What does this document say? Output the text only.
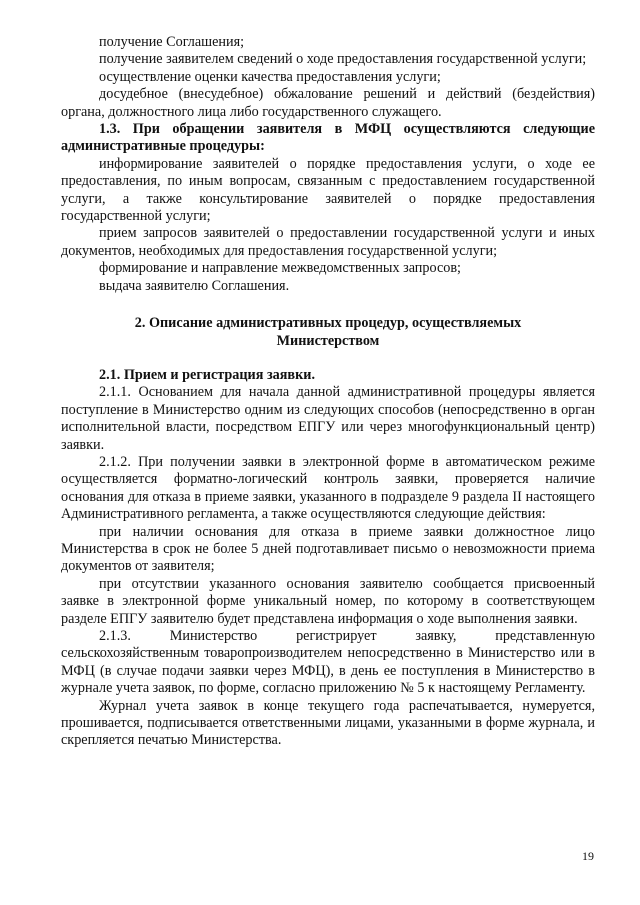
получение Соглашения;

получение заявителем сведений о ходе предоставления государственной услуги;

осуществление оценки качества предоставления услуги;

досудебное (внесудебное) обжалование решений и действий (бездействия) органа, должностного лица либо государственного служащего.

1.3. При обращении заявителя в МФЦ осуществляются следующие административные процедуры:

информирование заявителей о порядке предоставления услуги, о ходе ее предоставления, по иным вопросам, связанным с предоставлением государственной услуги, а также консультирование заявителей о порядке предоставления государственной услуги;

прием запросов заявителей о предоставлении государственной услуги и иных документов, необходимых для предоставления государственной услуги;

формирование и направление межведомственных запросов;

выдача заявителю Соглашения.

2. Описание административных процедур, осуществляемых Министерством

2.1. Прием и регистрация заявки.

2.1.1. Основанием для начала данной административной процедуры является поступление в Министерство одним из следующих способов (непосредственно в орган исполнительной власти, посредством ЕПГУ или через многофункциональный центр) заявки.

2.1.2. При получении заявки в электронной форме в автоматическом режиме осуществляется форматно-логический контроль заявки, проверяется наличие основания для отказа в приеме заявки, указанного в подразделе 9 раздела II настоящего Административного регламента, а также осуществляются следующие действия:

при наличии основания для отказа в приеме заявки должностное лицо Министерства в срок не более 5 дней подготавливает письмо о невозможности приема документов от заявителя;

при отсутствии указанного основания заявителю сообщается присвоенный заявке в электронной форме уникальный номер, по которому в соответствующем разделе ЕПГУ заявителю будет представлена информация о ходе выполнения заявки.

2.1.3. Министерство регистрирует заявку, представленную сельскохозяйственным товаропроизводителем непосредственно в Министерство или в МФЦ (в случае подачи заявки через МФЦ), в день ее поступления в Министерство в журнале учета заявок, по форме, согласно приложению № 5 к настоящему Регламенту.

Журнал учета заявок в конце текущего года распечатывается, нумеруется, прошивается, подписывается ответственными лицами, указанными в форме журнала, и скрепляется печатью Министерства.

19
